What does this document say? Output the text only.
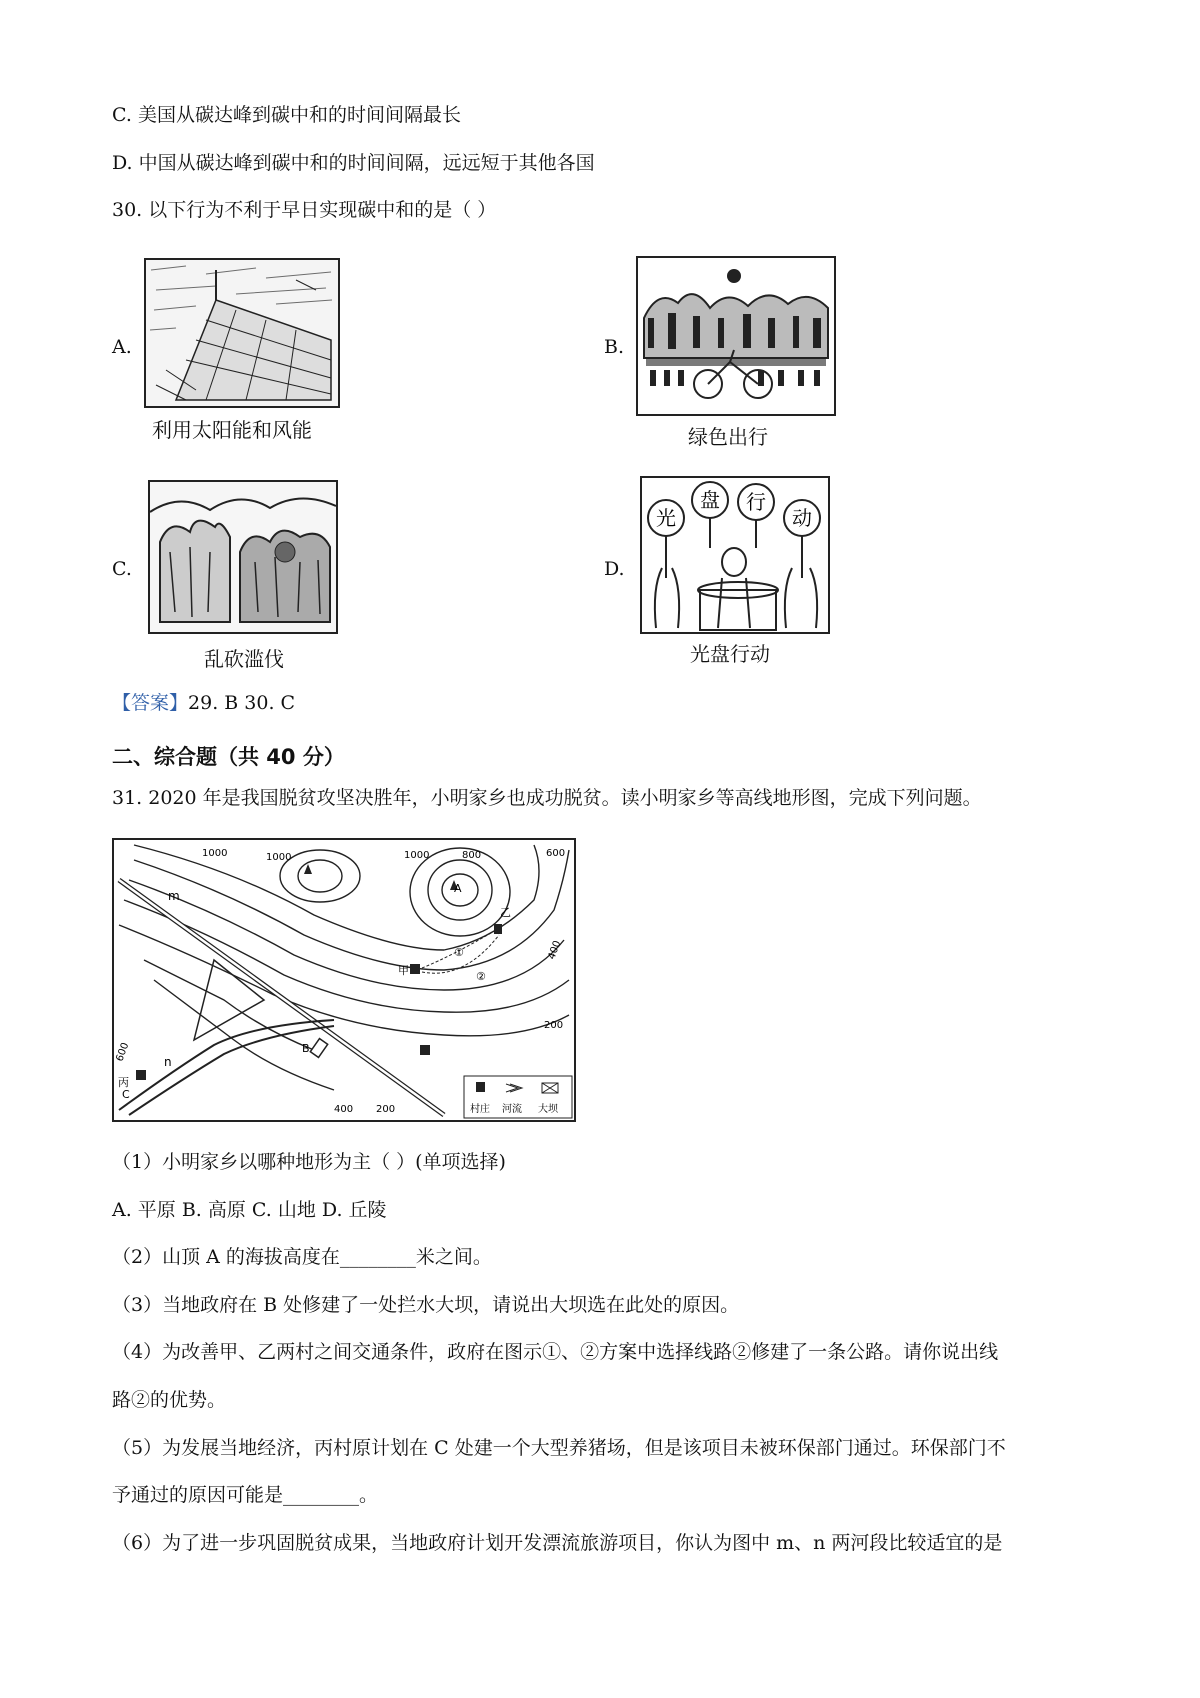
C. 美国从碳达峰到碳中和的时间间隔最长
D. 中国从碳达峰到碳中和的时间间隔，远远短于其他各国
30. 以下行为不利于早日实现碳中和的是（ ）
A.
利用太阳能和风能
B.
绿色出行
C.
乱砍滥伐
D.
光
盘 行
动
光盘行动
【答案】29. B 30. C
二、综合题（共 40 分）
31. 2020 年是我国脱贫攻坚决胜年，小明家乡也成功脱贫。读小明家乡等高线地形图，完成下列问题。
1000	1000	1000	800	600
400
200
600
400 200
A
B
C
m
n
甲
乙
丙
①
②
村庄 河流 大坝
（1）小明家乡以哪种地形为主（ ）(单项选择)
A. 平原 B. 高原 C. 山地 D. 丘陵
（2）山顶 A 的海拔高度在________米之间。
（3）当地政府在 B 处修建了一处拦水大坝，请说出大坝选在此处的原因。
（4）为改善甲、乙两村之间交通条件，政府在图示①、②方案中选择线路②修建了一条公路。请你说出线
路②的优势。
（5）为发展当地经济，丙村原计划在 C 处建一个大型养猪场，但是该项目未被环保部门通过。环保部门不
予通过的原因可能是________。
（6）为了进一步巩固脱贫成果，当地政府计划开发漂流旅游项目，你认为图中 m、n 两河段比较适宜的是
